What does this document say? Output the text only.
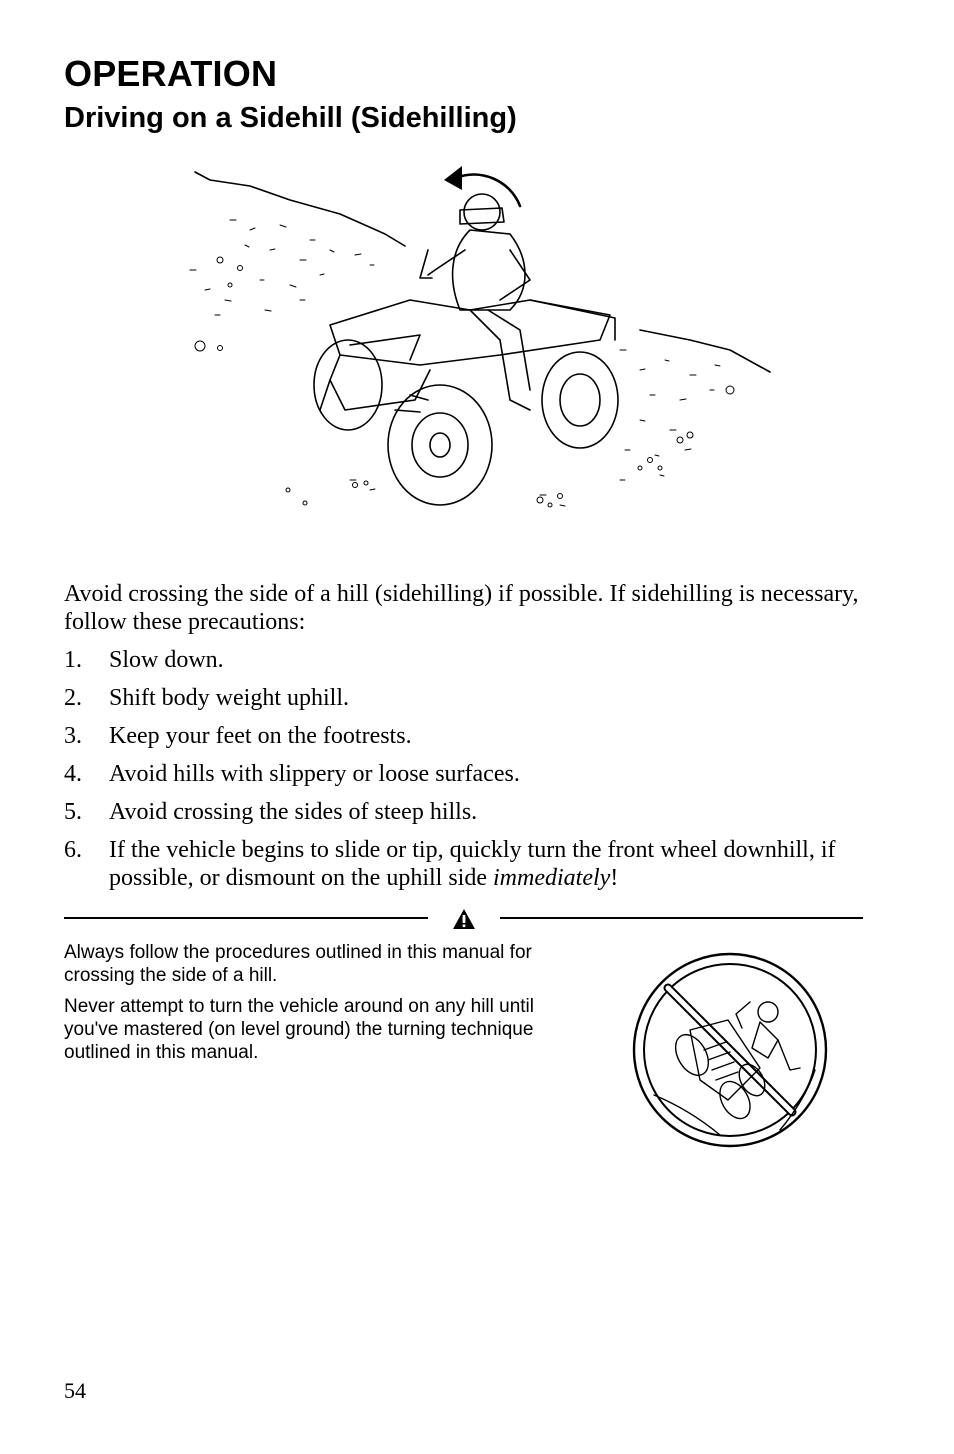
OPERATION
Driving on a Sidehill (Sidehilling)

Avoid crossing the side of a hill (sidehilling) if possible. If sidehilling is necessary, follow these precautions:

1.	Slow down.
2.	Shift body weight uphill.
3.	Keep your feet on the footrests.
4.	Avoid hills with slippery or loose surfaces.
5.	Avoid crossing the sides of steep hills.
6.	If the vehicle begins to slide or tip, quickly turn the front wheel downhill, if possible, or dismount on the uphill side immediately!

Always follow the procedures outlined in this manual for crossing the side of a hill.

Never attempt to turn the vehicle around on any hill until you've mastered (on level ground) the turning technique outlined in this manual.

54
